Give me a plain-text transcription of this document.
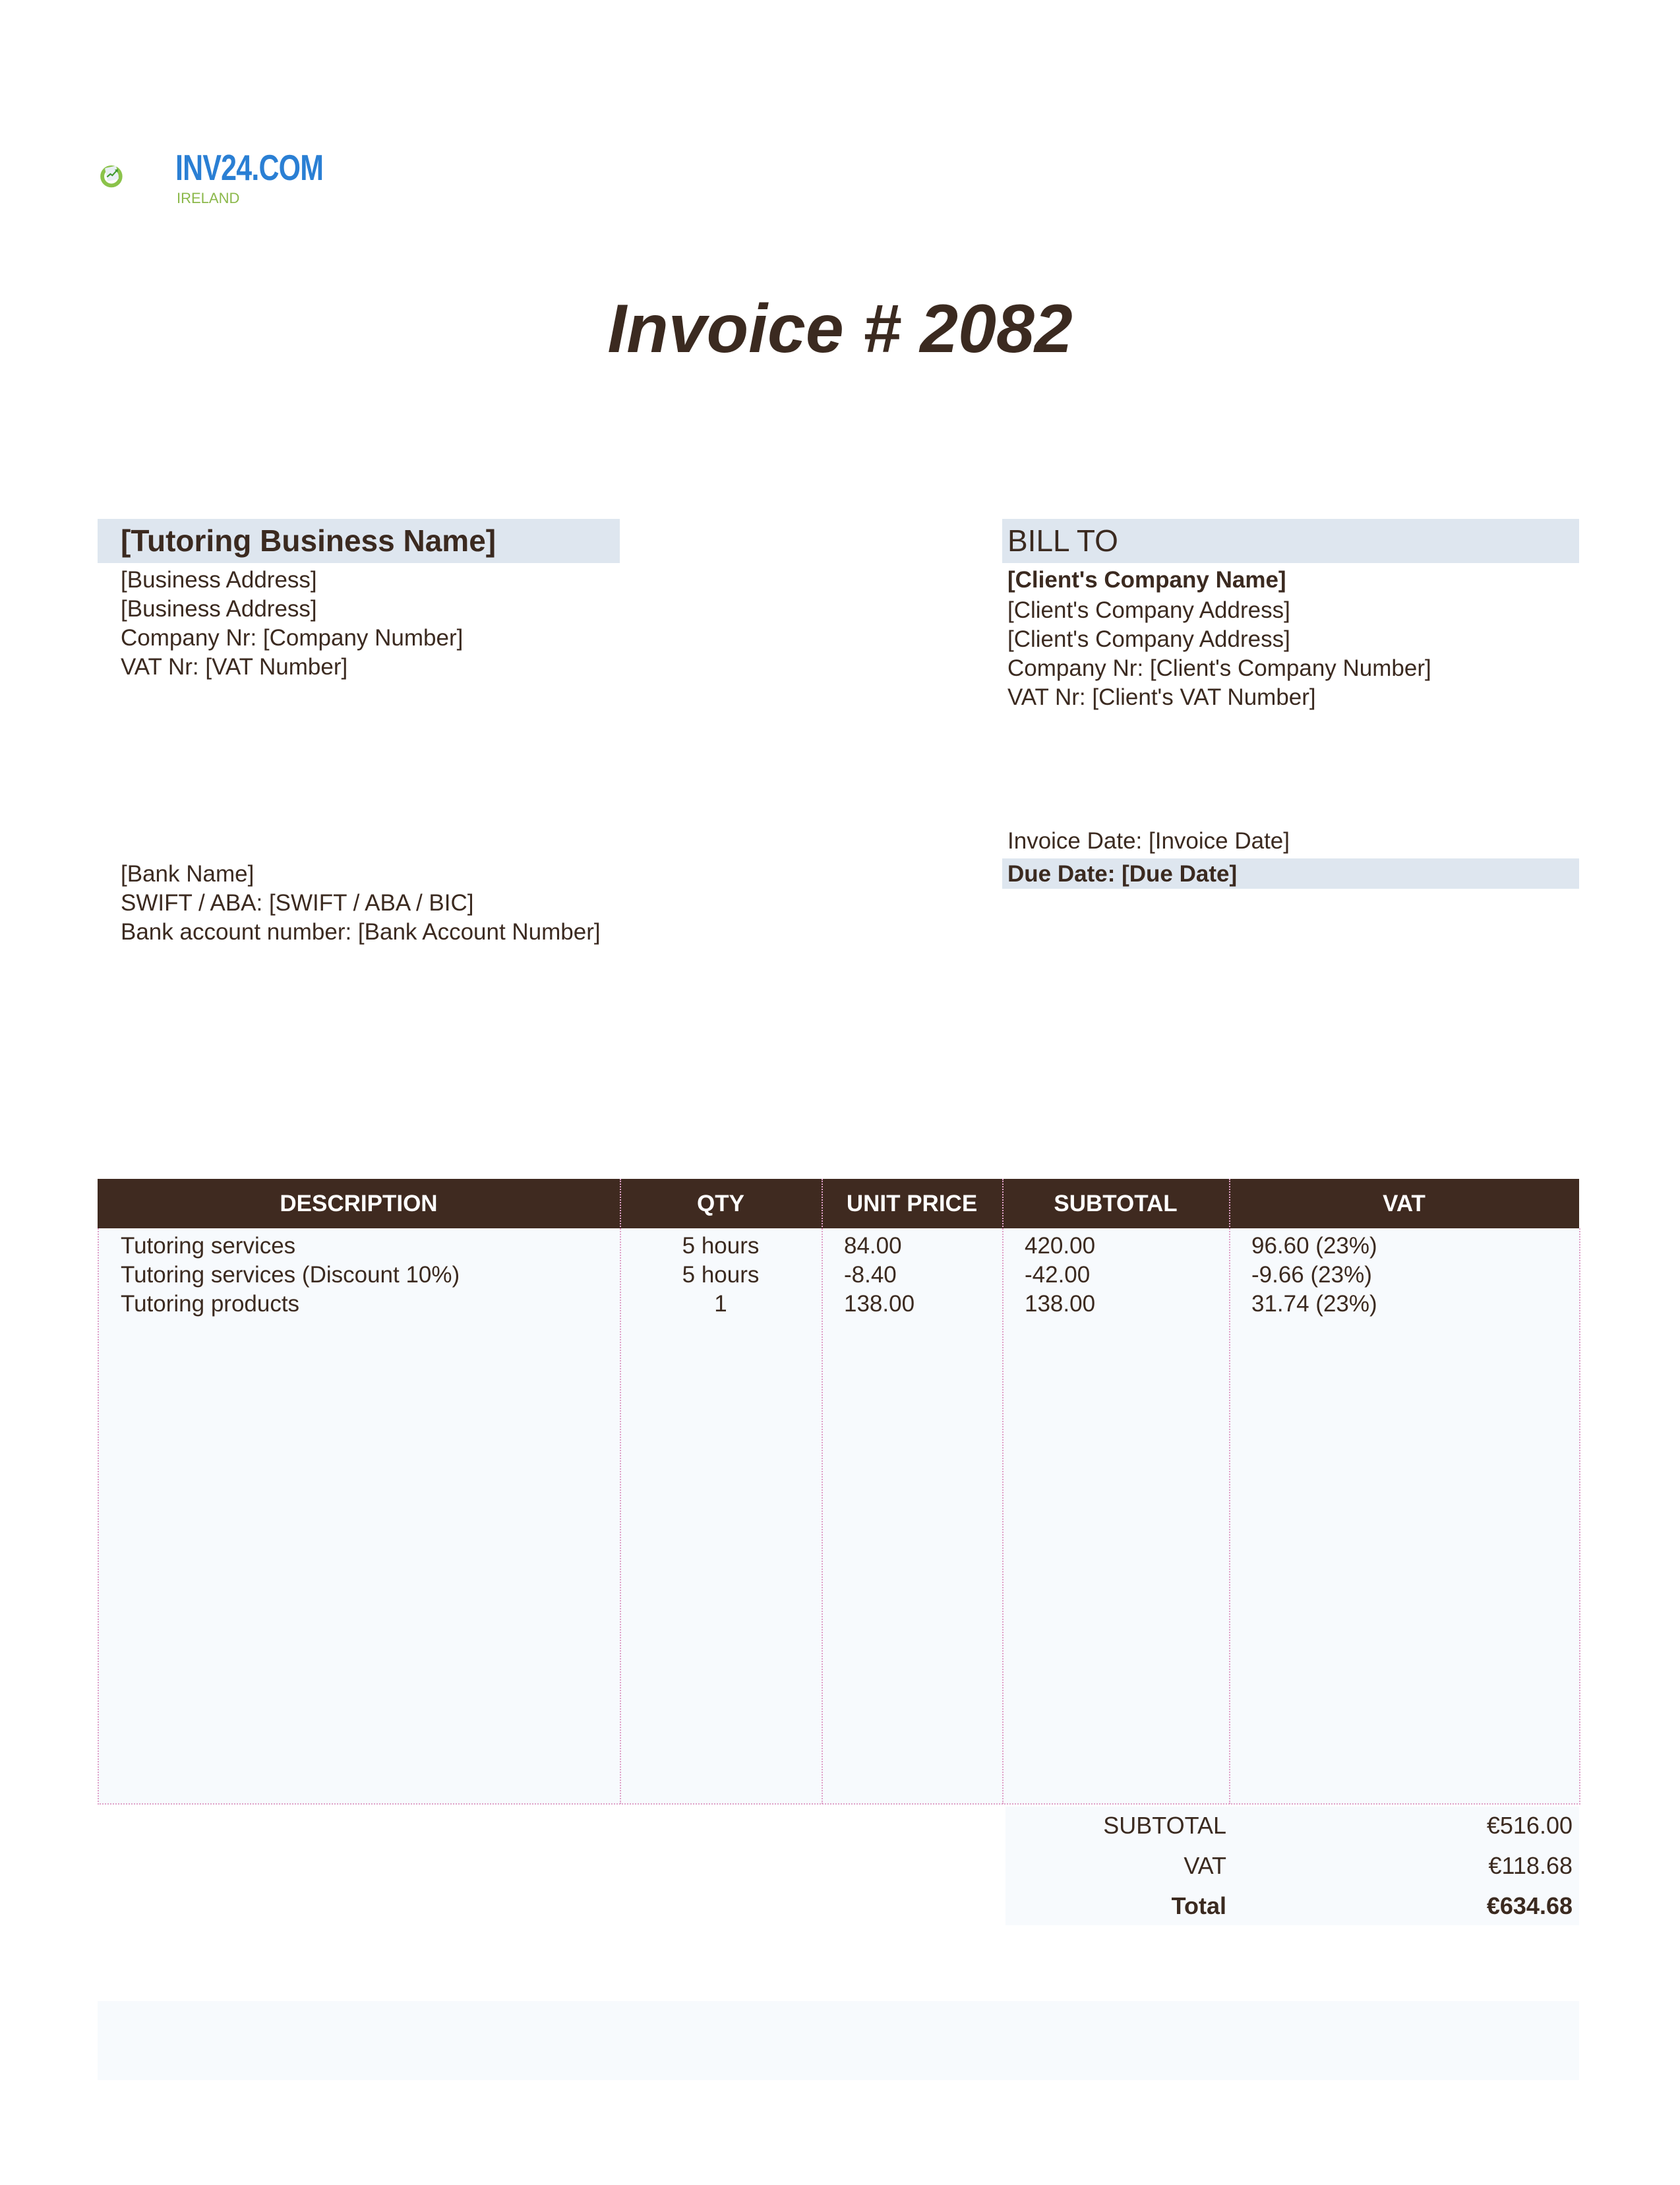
INV24.COM
IRELAND
Invoice # 2082
[Tutoring Business Name]
[Business Address]
[Business Address]
Company Nr: [Company Number]
VAT Nr: [VAT Number]
[Bank Name]
SWIFT / ABA: [SWIFT / ABA / BIC]
Bank account number: [Bank Account Number]
BILL TO
[Client's Company Name]
[Client's Company Address]
[Client's Company Address]
Company Nr: [Client's Company Number]
VAT Nr: [Client's VAT Number]
Invoice Date: [Invoice Date]
Due Date: [Due Date]
DESCRIPTION	QTY	UNIT PRICE	SUBTOTAL	VAT
Tutoring services	5 hours	84.00	420.00	96.60 (23%)
Tutoring services (Discount 10%)	5 hours	-8.40	-42.00	-9.66 (23%)
Tutoring products	1	138.00	138.00	31.74 (23%)
SUBTOTAL	€516.00
VAT	€118.68
Total	€634.68
